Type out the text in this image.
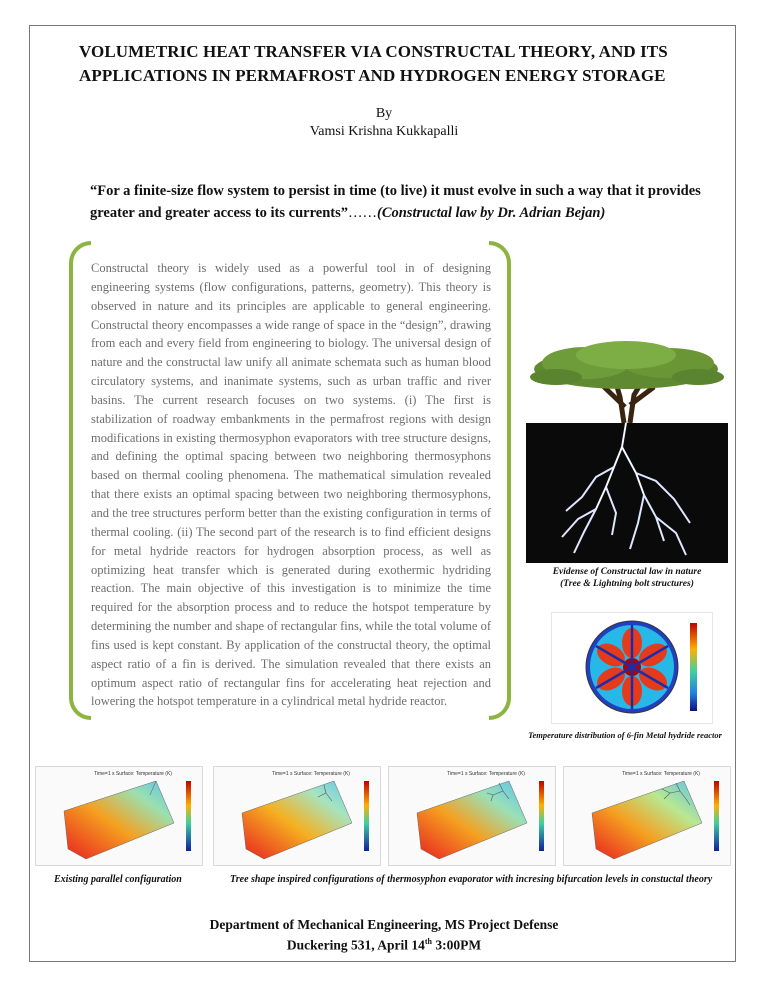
VOLUMETRIC HEAT TRANSFER VIA CONSTRUCTAL THEORY, AND ITS
APPLICATIONS IN PERMAFROST AND HYDROGEN ENERGY STORAGE
By
Vamsi Krishna Kukkapalli
“For a finite-size flow system to persist in time (to live) it must evolve in such a way that it provides greater and greater access to its currents”……(Constructal law by Dr. Adrian Bejan)
Constructal theory is widely used as a powerful tool in of designing engineering systems (flow configurations, patterns, geometry). This theory is observed in nature and its principles are applicable to general engineering. Constructal theory encompasses a wide range of space in the “design”, drawing from each and every field from engineering to biology. The universal design of nature and the constructal law unify all animate schemata such as human blood circulatory systems, and inanimate systems, such as urban traffic and river basins. The current research focuses on two systems. (i) The first is stabilization of roadway embankments in the permafrost regions with design modifications in existing thermosyphon evaporators with tree structure designs, and defining the optimal spacing between two neighboring thermosyphons based on thermal cooling phenomena. The mathematical simulation revealed that there exists an optimal spacing between two neighboring thermosyphons, and the tree structures perform better than the existing configuration in terms of thermal cooling. (ii) The second part of the research is to find efficient designs for metal hydride reactors for hydrogen absorption process, as well as optimizing heat transfer which is generated during exothermic hydriding reaction. The main objective of this investigation is to minimize the time required for the absorption process and to reduce the hotspot temperature by determining the number and shape of rectangular fins, while the total volume of fins used is kept constant. By application of the constructal theory, the optimal aspect ratio of a fin is derived. The simulation revealed that there exists an optimum aspect ratio of rectangular fins for accelerating heat rejection and lowering the hotspot temperature in a cylindrical metal hydride reactor.
Evidense of Constructal law in nature
(Tree & Lightning bolt structures)
Temperature distribution of 6-fin Metal hydride reactor
Time=1 s Surface: Temperature (K)	Time=1 s Surface: Temperature (K)	Time=1 s Surface: Temperature (K)	Time=1 s Surface: Temperature (K)
Existing parallel configuration	Tree shape inspired configurations of thermosyphon evaporator with incresing bifurcation levels in constuctal theory
Department of Mechanical Engineering, MS Project Defense
Duckering 531, April 14th 3:00PM
